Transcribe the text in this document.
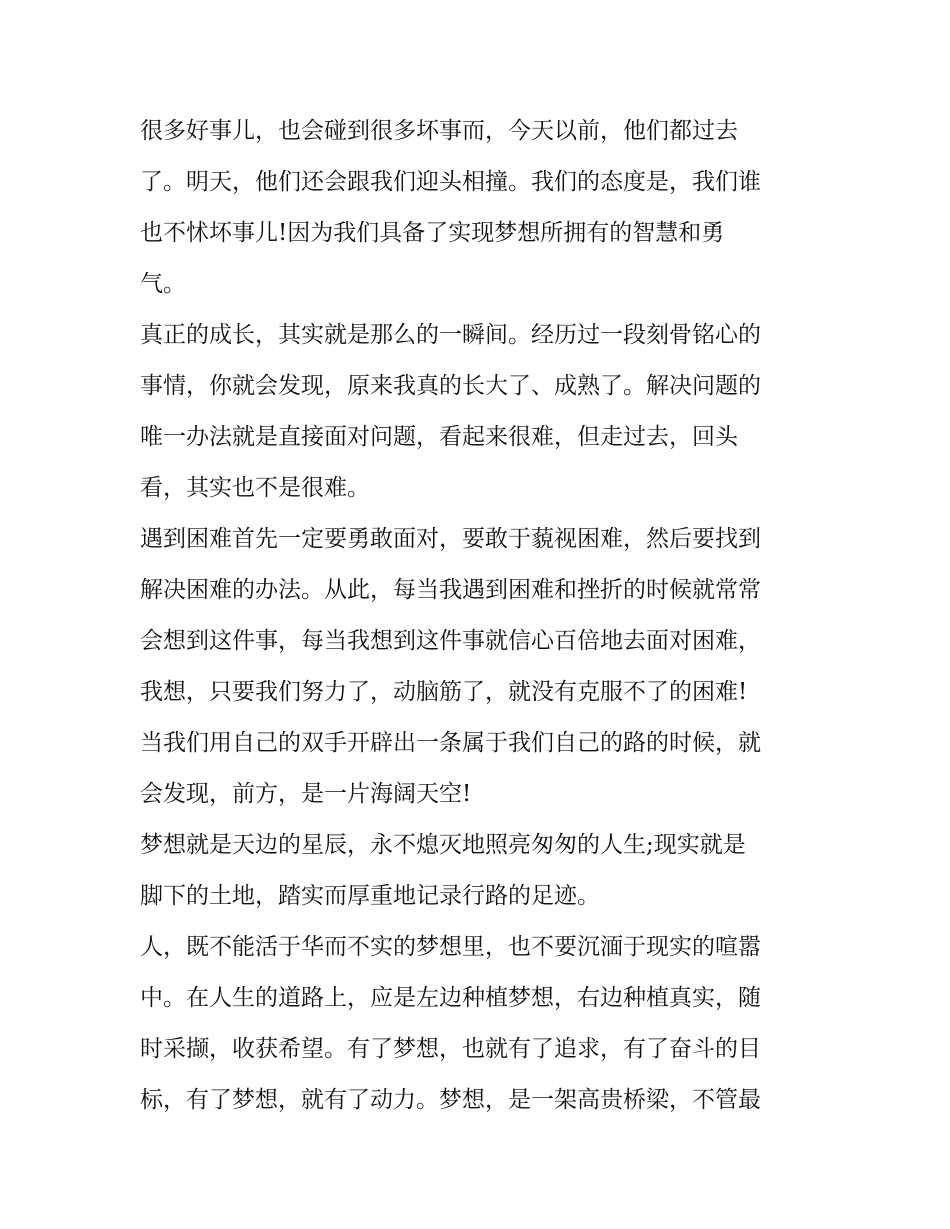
很多好事儿，也会碰到很多坏事而，今天以前，他们都过去
了。明天，他们还会跟我们迎头相撞。我们的态度是，我们谁
也不怵坏事儿!因为我们具备了实现梦想所拥有的智慧和勇
气。
真正的成长，其实就是那么的一瞬间。经历过一段刻骨铭心的
事情，你就会发现，原来我真的长大了、成熟了。解决问题的
唯一办法就是直接面对问题，看起来很难，但走过去，回头
看，其实也不是很难。
遇到困难首先一定要勇敢面对，要敢于藐视困难，然后要找到
解决困难的办法。从此，每当我遇到困难和挫折的时候就常常
会想到这件事，每当我想到这件事就信心百倍地去面对困难，
我想，只要我们努力了，动脑筋了，就没有克服不了的困难!
当我们用自己的双手开辟出一条属于我们自己的路的时候，就
会发现，前方，是一片海阔天空!
梦想就是天边的星辰，永不熄灭地照亮匆匆的人生;现实就是
脚下的土地，踏实而厚重地记录行路的足迹。
人，既不能活于华而不实的梦想里，也不要沉湎于现实的喧嚣
中。在人生的道路上，应是左边种植梦想，右边种植真实，随
时采撷，收获希望。有了梦想，也就有了追求，有了奋斗的目
标，有了梦想，就有了动力。梦想，是一架高贵桥梁，不管最
